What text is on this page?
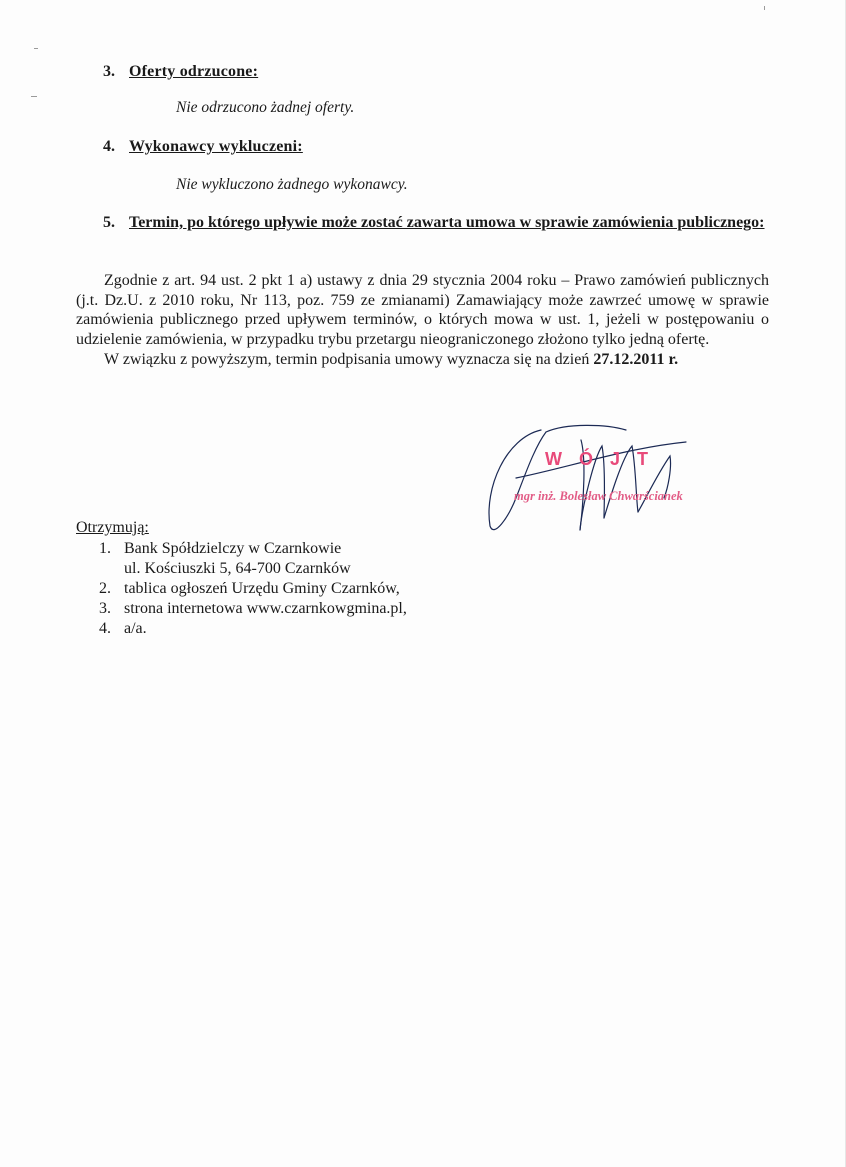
3. Oferty odrzucone:
Nie odrzucono żadnej oferty.
4. Wykonawcy wykluczeni:
Nie wykluczono żadnego wykonawcy.
5. Termin, po którego upływie może zostać zawarta umowa w sprawie zamówienia publicznego:

Zgodnie z art. 94 ust. 2 pkt 1 a) ustawy z dnia 29 stycznia 2004 roku – Prawo zamówień publicznych (j.t. Dz.U. z 2010 roku, Nr 113, poz. 759 ze zmianami) Zamawiający może zawrzeć umowę w sprawie zamówienia publicznego przed upływem terminów, o których mowa w ust. 1, jeżeli w postępowaniu o udzielenie zamówienia, w przypadku trybu przetargu nieograniczonego złożono tylko jedną ofertę.

W związku z powyższym, termin podpisania umowy wyznacza się na dzień 27.12.2011 r.

WÓJT
mgr inż. Bolesław Chwarścianek
Otrzymują:
1. Bank Spółdzielczy w Czarnkowie
ul. Kościuszki 5, 64-700 Czarnków
2. tablica ogłoszeń Urzędu Gminy Czarnków,
3. strona internetowa www.czarnkowgmina.pl,
4. a/a.
